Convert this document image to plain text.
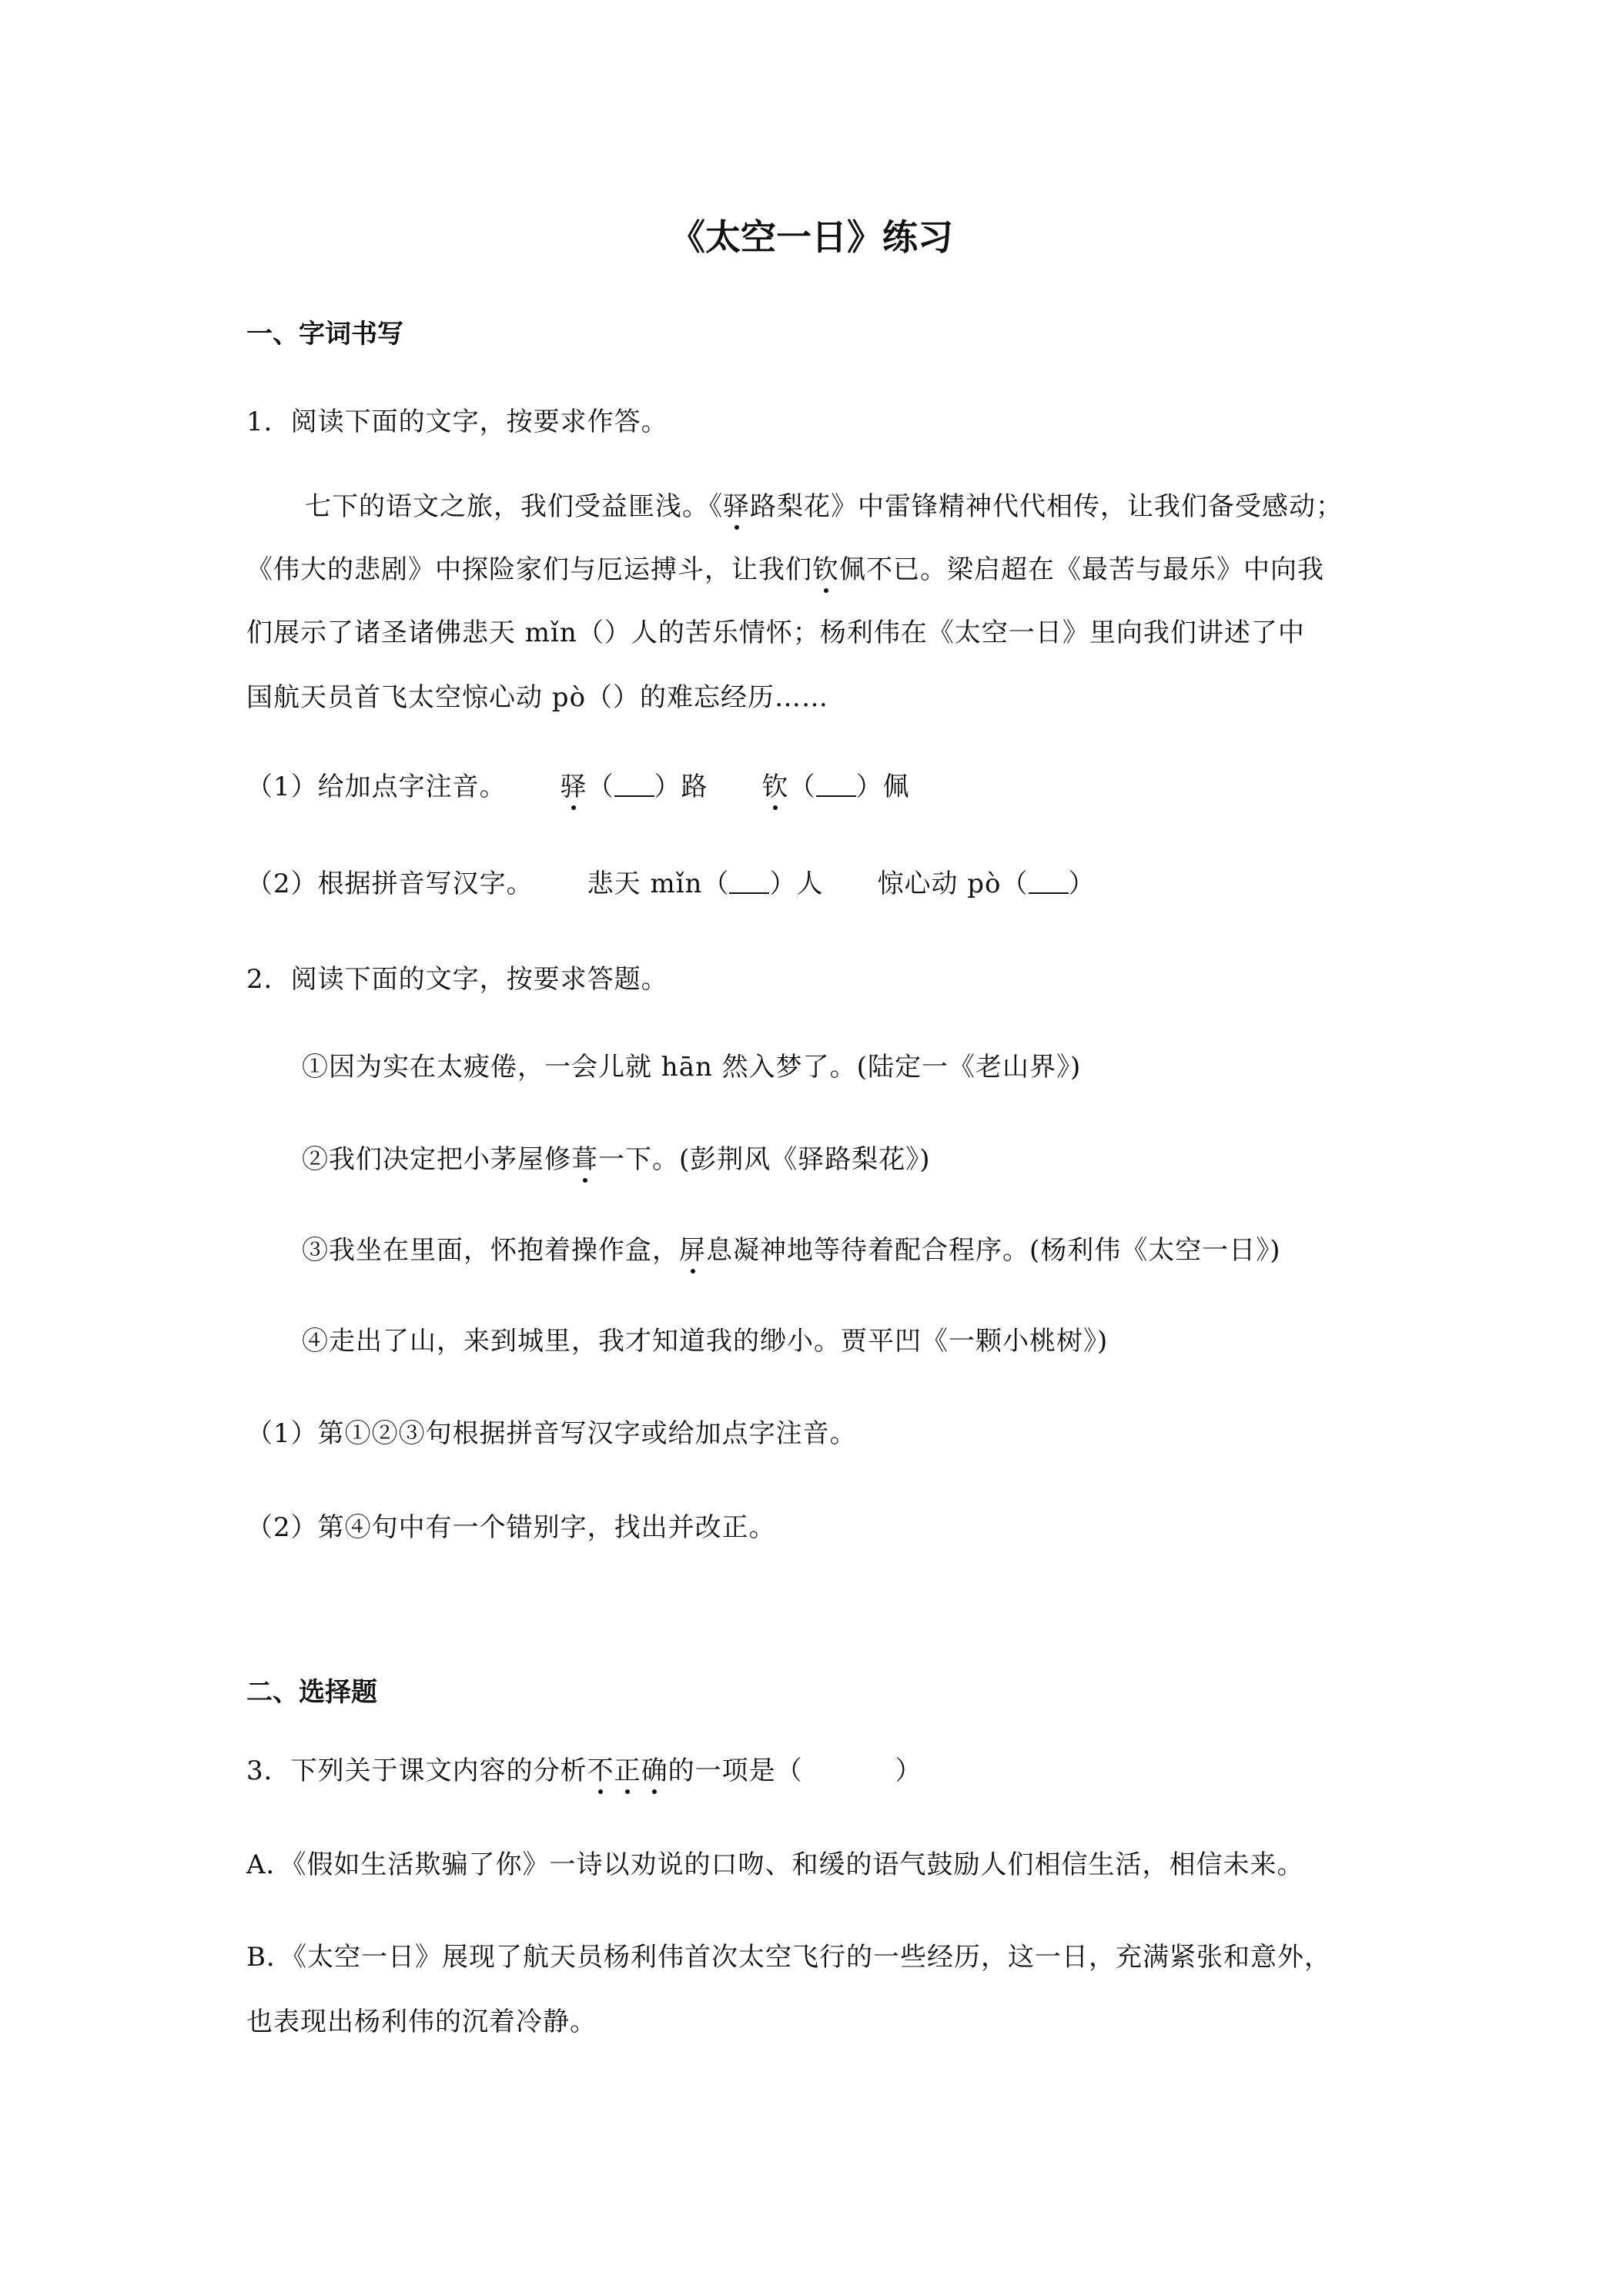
《太空一日》练习
一、字词书写
1．阅读下面的文字，按要求作答。
七下的语文之旅，我们受益匪浅。《驿路梨花》中雷锋精神代代相传，让我们备受感动；
《伟大的悲剧》中探险家们与厄运搏斗，让我们钦佩不已。梁启超在《最苦与最乐》中向我
们展示了诸圣诸佛悲天 mǐn（）人的苦乐情怀；杨利伟在《太空一日》里向我们讲述了中
国航天员首飞太空惊心动 pò（）的难忘经历……
（1）给加点字注音。 驿（ ）路 钦（ ）佩
（2）根据拼音写汉字。 悲天 mǐn（ ）人 惊心动 pò（ ）
2．阅读下面的文字，按要求答题。
①因为实在太疲倦，一会儿就 hān 然入梦了。(陆定一《老山界》)
②我们决定把小茅屋修葺一下。(彭荆风《驿路梨花》)
③我坐在里面，怀抱着操作盒，屏息凝神地等待着配合程序。(杨利伟《太空一日》)
④走出了山，来到城里，我才知道我的缈小。贾平凹《一颗小桃树》)
（1）第①②③句根据拼音写汉字或给加点字注音。
（2）第④句中有一个错别字，找出并改正。
二、选择题
3．下列关于课文内容的分析不正确的一项是（	）
A．《假如生活欺骗了你》一诗以劝说的口吻、和缓的语气鼓励人们相信生活，相信未来。
B．《太空一日》展现了航天员杨利伟首次太空飞行的一些经历，这一日，充满紧张和意外，
也表现出杨利伟的沉着冷静。
